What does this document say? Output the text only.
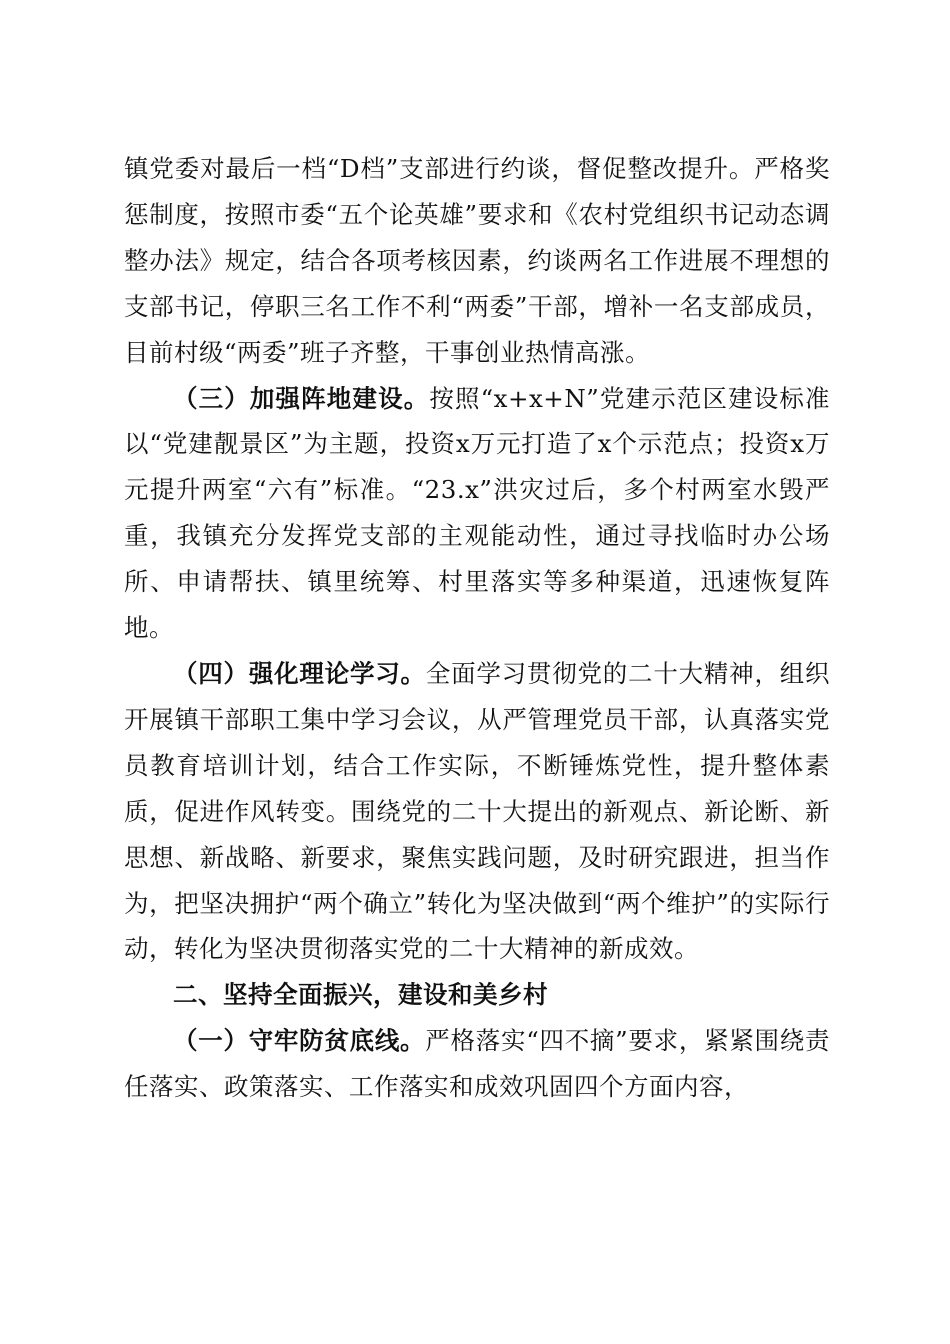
镇党委对最后一档“D档”支部进行约谈，督促整改提升。严格奖惩制度，按照市委“五个论英雄”要求和《农村党组织书记动态调整办法》规定，结合各项考核因素，约谈两名工作进展不理想的支部书记，停职三名工作不利“两委”干部，增补一名支部成员，目前村级“两委”班子齐整，干事创业热情高涨。

（三）加强阵地建设。按照“x+x+N”党建示范区建设标准以“党建靓景区”为主题，投资x万元打造了x个示范点；投资x万元提升两室“六有”标准。“23.x”洪灾过后，多个村两室水毁严重，我镇充分发挥党支部的主观能动性，通过寻找临时办公场所、申请帮扶、镇里统筹、村里落实等多种渠道，迅速恢复阵地。

（四）强化理论学习。全面学习贯彻党的二十大精神，组织开展镇干部职工集中学习会议，从严管理党员干部，认真落实党员教育培训计划，结合工作实际，不断锤炼党性，提升整体素质，促进作风转变。围绕党的二十大提出的新观点、新论断、新思想、新战略、新要求，聚焦实践问题，及时研究跟进，担当作为，把坚决拥护“两个确立”转化为坚决做到“两个维护”的实际行动，转化为坚决贯彻落实党的二十大精神的新成效。

二、坚持全面振兴，建设和美乡村

（一）守牢防贫底线。严格落实“四不摘”要求，紧紧围绕责任落实、政策落实、工作落实和成效巩固四个方面内容，
